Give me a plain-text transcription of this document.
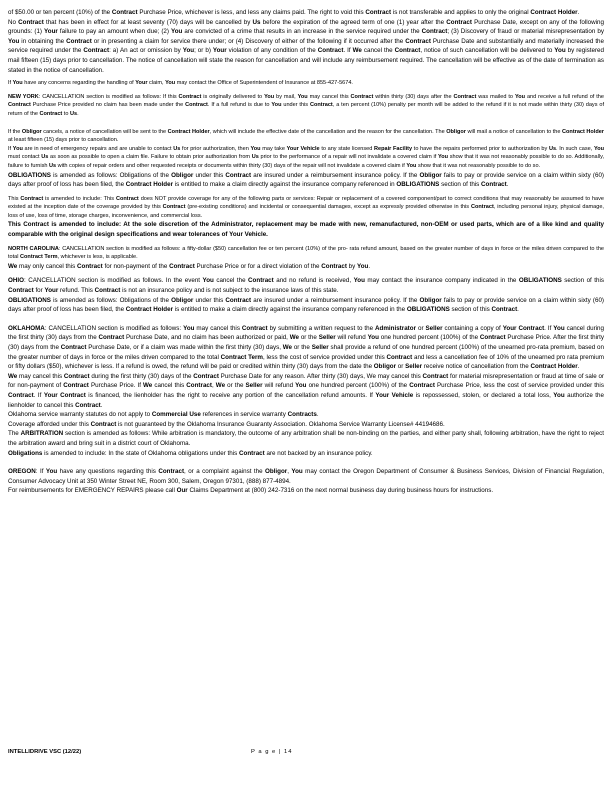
of $50.00 or ten percent (10%) of the Contract Purchase Price, whichever is less, and less any claims paid. The right to void this Contract is not transferable and applies to only the original Contract Holder.

No Contract that has been in effect for at least seventy (70) days will be cancelled by Us before the expiration of the agreed term of one (1) year after the Contract Purchase Date, except on any of the following grounds: (1) Your failure to pay an amount when due; (2) You are convicted of a crime that results in an increase in the service required under the Contract; (3) Discovery of fraud or material misrepresentation by You in obtaining the Contract or in presenting a claim for service there under; or (4) Discovery of either of the following if it occurred after the Contract Purchase Date and substantially and materially increased the service required under the Contract: a) An act or omission by You; or b) Your violation of any condition of the Contract. If We cancel the Contract, notice of such cancellation will be delivered to You by registered mail fifteen (15) days prior to cancellation. The notice of cancellation will state the reason for cancellation and will include any reimbursement required. The cancellation will be effective as of the date of termination as stated in the notice of cancellation.

If You have any concerns regarding the handling of Your claim, You may contact the Office of Superintendent of Insurance at 855-427-5674.

NEW YORK: CANCELLATION section is modified as follows: If this Contract is originally delivered to You by mail, You may cancel this Contract within thirty (30) days after the Contract was mailed to You and receive a full refund of the Contract Purchase Price provided no claim has been made under the Contract. If a full refund is due to You under this Contract, a ten percent (10%) penalty per month will be added to the refund if it is not made within thirty (30) days of return of the Contract to Us.

If the Obligor cancels, a notice of cancellation will be sent to the Contract Holder, which will include the effective date of the cancellation and the reason for the cancellation. The Obligor will mail a notice of cancellation to the Contract Holder at least fifteen (15) days prior to cancellation.

If You are in need of emergency repairs and are unable to contact Us for prior authorization, then You may take Your Vehicle to any state licensed Repair Facility to have the repairs performed prior to authorization by Us. In such case, You must contact Us as soon as possible to open a claim file. Failure to obtain prior authorization from Us prior to the performance of a repair will not invalidate a covered claim if You show that it was not reasonably possible to do so. Additionally, failure to furnish Us with copies of repair orders and other requested receipts or documents within thirty (30) days of the repair will not invalidate a covered claim if You show that it was not reasonably possible to do so.

OBLIGATIONS is amended as follows: Obligations of the Obligor under this Contract are insured under a reimbursement insurance policy. If the Obligor fails to pay or provide service on a claim within sixty (60) days after proof of loss has been filed, the Contract Holder is entitled to make a claim directly against the insurance company referenced in OBLIGATIONS section of this Contract.

This Contract is amended to include: This Contract does NOT provide coverage for any of the following parts or services: Repair or replacement of a covered component/part to correct conditions that may reasonably be assumed to have existed at the inception date of the coverage provided by this Contract (pre-existing conditions) and incidental or consequential damages, except as expressly provided otherwise in this Contract, including personal injury, physical damage, loss of use, loss of time, storage charges, inconvenience, and commercial loss.

This Contract is amended to include: At the sole discretion of the Administrator, replacement may be made with new, remanufactured, non-OEM or used parts, which are of a like kind and quality comparable with the original design specifications and wear tolerances of Your Vehicle.

NORTH CAROLINA: CANCELLATION section is modified as follows: a fifty-dollar ($50) cancellation fee or ten percent (10%) of the pro- rata refund amount, based on the greater number of days in force or the miles driven compared to the total Contract Term, whichever is less, is applicable.

We may only cancel this Contract for non-payment of the Contract Purchase Price or for a direct violation of the Contract by You.

OHIO: CANCELLATION section is modified as follows. In the event You cancel the Contract and no refund is received, You may contact the insurance company indicated in the OBLIGATIONS section of this Contract for Your refund. This Contract is not an insurance policy and is not subject to the insurance laws of this state.

OBLIGATIONS is amended as follows: Obligations of the Obligor under this Contract are insured under a reimbursement insurance policy. If the Obligor fails to pay or provide service on a claim within sixty (60) days after proof of loss has been filed, the Contract Holder is entitled to make a claim directly against the insurance company referenced in the OBLIGATIONS section of this Contract.

OKLAHOMA: CANCELLATION section is modified as follows: You may cancel this Contract by submitting a written request to the Administrator or Seller containing a copy of Your Contract. If You cancel during the first thirty (30) days from the Contract Purchase Date, and no claim has been authorized or paid, We or the Seller will refund You one hundred percent (100%) of the Contract Purchase Price. After the first thirty (30) days from the Contract Purchase Date, or if a claim was made within the first thirty (30) days, We or the Seller shall provide a refund of one hundred percent (100%) of the unearned pro-rata premium, based on the greater number of days in force or the miles driven compared to the total Contract Term, less the cost of service provided under this Contract and less a cancellation fee of 10% of the unearned pro rata premium or fifty dollars ($50), whichever is less. If a refund is owed, the refund will be paid or credited within thirty (30) days from the date the Obligor or Seller receive notice of cancellation from the Contract Holder.

We may cancel this Contract during the first thirty (30) days of the Contract Purchase Date for any reason. After thirty (30) days, We may cancel this Contract for material misrepresentation or fraud at time of sale or for non-payment of Contract Purchase Price. If We cancel this Contract, We or the Seller will refund You one hundred percent (100%) of the Contract Purchase Price, less the cost of service provided under this Contract. If Your Contract is financed, the lienholder has the right to receive any portion of the cancellation refund amounts. If Your Vehicle is repossessed, stolen, or declared a total loss, You authorize the lienholder to cancel this Contract.

Oklahoma service warranty statutes do not apply to Commercial Use references in service warranty Contracts.

Coverage afforded under this Contract is not guaranteed by the Oklahoma Insurance Guaranty Association. Oklahoma Service Warranty License# 44194686.

The ARBITRATION section is amended as follows: While arbitration is mandatory, the outcome of any arbitration shall be non-binding on the parties, and either party shall, following arbitration, have the right to reject the arbitration award and bring suit in a district court of Oklahoma.

Obligations is amended to include: In the state of Oklahoma obligations under this Contract are not backed by an insurance policy.

OREGON: If You have any questions regarding this Contract, or a complaint against the Obligor, You may contact the Oregon Department of Consumer & Business Services, Division of Financial Regulation, Consumer Advocacy Unit at 350 Winter Street NE, Room 300, Salem, Oregon 97301, (888) 877-4894.

For reimbursements for EMERGENCY REPAIRS please call Our Claims Department at (800) 242-7316 on the next normal business day during business hours for instructions.

INTELLIDRIVE VSC (12/22)	P a g e | 14
